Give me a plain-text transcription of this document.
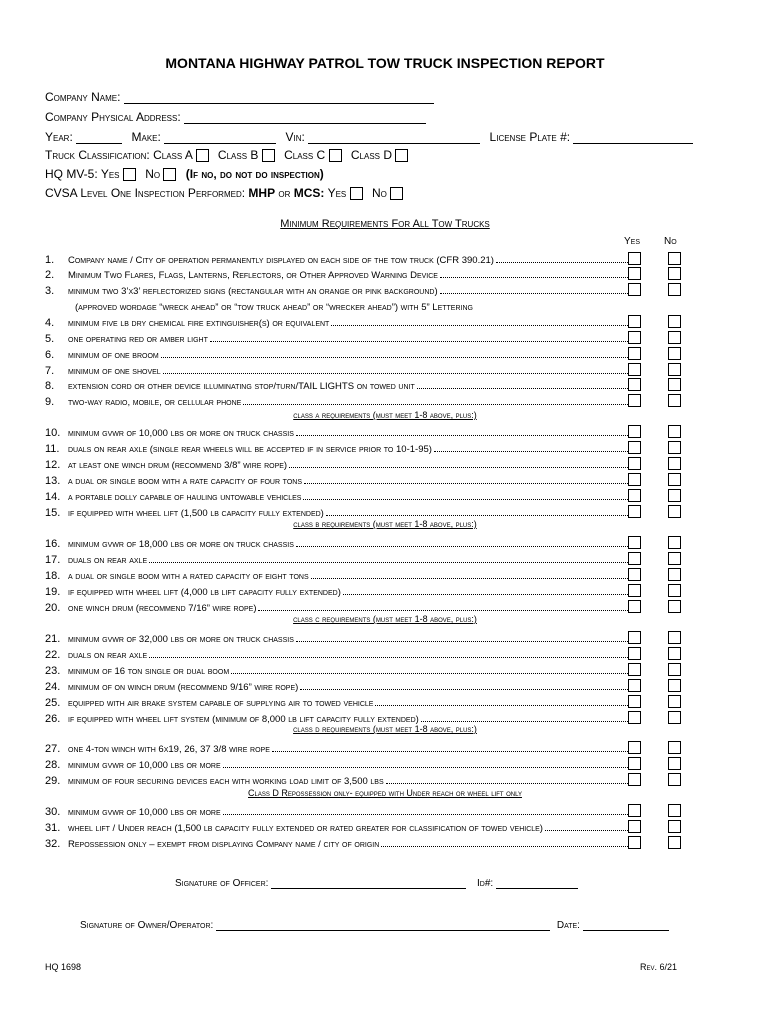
MONTANA HIGHWAY PATROL TOW TRUCK INSPECTION REPORT
Company Name:
Company Physical Address:
Year:	Make:	Vin:	License Plate #:
Truck Classification: Class A Class B Class C Class D
HQ MV-5: Yes No (If no, do not do inspection)
CVSA Level One Inspection Performed: MHP or MCS: Yes No
Minimum Requirements For All Tow Trucks
Yes No
1.	Company name / City of operation permanently displayed on each side of the tow truck (CFR 390.21)
2.	Minimum Two Flares, Flags, Lanterns, Reflectors, or Other Approved Warning Device
3.	minimum two 3’x3’ reflectorized signs (rectangular with an orange or pink background)
(approved wordage “wreck ahead” or “tow truck ahead” or “wrecker ahead”) with 5” Lettering
4.	minimum five lb dry chemical fire extinguisher(s) or equivalent
5.	one operating red or amber light
6.	minimum of one broom
7.	minimum of one shovel
8.	extension cord or other device illuminating stop/turn/TAIL LIGHTS on towed unit
9.	two-way radio, mobile, or cellular phone
10. minimum gvwr of 10,000 lbs or more on truck chassis
11. duals on rear axle (single rear wheels will be accepted if in service prior to 10-1-95)
12. at least one winch drum (recommend 3/8” wire rope)
13. a dual or single boom with a rate capacity of four tons
14. a portable dolly capable of hauling untowable vehicles
15. if equipped with wheel lift (1,500 lb capacity fully extended)
16. minimum gvwr of 18,000 lbs or more on truck chassis
17. duals on rear axle
18. a dual or single boom with a rated capacity of eight tons
19. if equipped with wheel lift (4,000 lb lift capacity fully extended)
20. one winch drum (recommend 7/16” wire rope)
21. minimum gvwr of 32,000 lbs or more on truck chassis
22. duals on rear axle
23. minimum of 16 ton single or dual boom
24. minimum of on winch drum (recommend 9/16” wire rope)
25. equipped with air brake system capable of supplying air to towed vehicle
26. if equipped with wheel lift system (minimum of 8,000 lb lift capacity fully extended)
27. one 4-ton winch with 6x19, 26, 37 3/8 wire rope
28. minimum gvwr of 10,000 lbs or more
29. minimum of four securing devices each with working load limit of 3,500 lbs
30. minimum gvwr of 10,000 lbs or more
31. wheel lift / Under reach (1,500 lb capacity fully extended or rated greater for classification of towed vehicle)
32. Repossession only – exempt from displaying Company name / city of origin
class a requirements (must meet 1-8 above, plus:)
class b requirements (must meet 1-8 above, plus:)
class c requirements (must meet 1-8 above, plus:)
class d requirements (must meet 1-8 above, plus:)
Class D Repossession only- equipped with Under reach or wheel lift only
Signature of Officer:	Id#:
Signature of Owner/Operator:	Date:
HQ 1698	Rev. 6/21
